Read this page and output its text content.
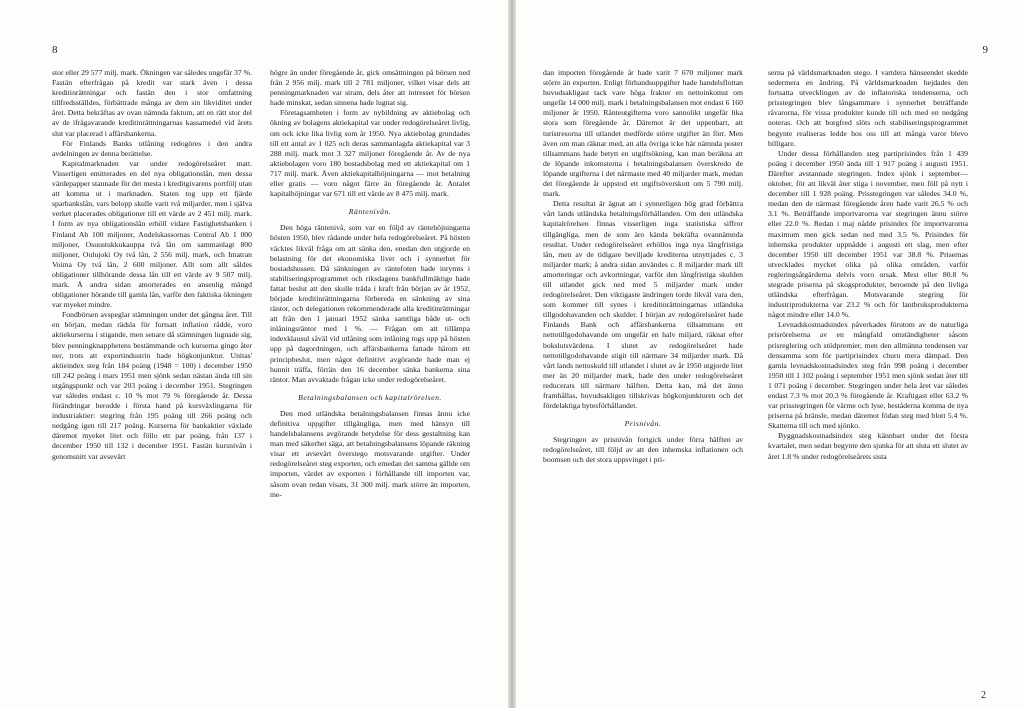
8

stor eller 29 577 milj. mark. Ökningen var således ungefär 37 %. Fastän efterfrågan på kredit var stark även i dessa kreditinrättningar och fastän den i stor omfattning tillfredsställdes, förbättrade många av dem sin likviditet under året. Detta bekräftas av ovan nämnda faktum, att en rätt stor del av de ifrågavarande kreditinrättningarnas kassamedel vid årets slut var placerad i affärsbankerna.

För Finlands Banks utlåning redogöres i den andra avdelningen av denna berättelse.

Kapitalmarknaden var under redogörelseåret matt. Visserligen emitterades en del nya obligationslån, men dessa värdepapper stannade för det mesta i kreditgivarens portfölj utan att komma ut i marknaden. Staten tog upp ett fjärde sparbankslån, vars belopp skulle varit två miljarder, men i själva verket placerades obligationer till ett värde av 2 451 milj. mark. I form av nya obligationslån erhöll vidare Fastighetsbanken i Finland Ab 100 miljoner, Andelskassornas Central Ab 1 000 miljoner, Osuustukkukauppa två lån om sammanlagt 800 miljoner, Oulujoki Oy två lån, 2 556 milj. mark, och Imatran Voima Oy två lån, 2 600 miljoner. Allt som allt såldes obligationer tillhörande dessa lån till ett värde av 9 507 milj. mark. Å andra sidan amorterades en ansenlig mängd obligationer hörande till gamla lån, varför den faktiska ökningen var myeket mindre.

Fondbörsen avspeglar stämningen under det gångna året. Till en början, medan rädsla för fortsatt inflation rådde, voro aktiekurserna i stigande, men senare då stämningen lugnade sig, blev penningknapphetens bestämmande och kurserna gingo åter ner, trots att exportindustrin hade högkonjunktur. Unitas' aktieindex steg från 184 poäng (1948 = 100) i december 1950 till 242 poäng i mars 1951 men sjönk sedan nästan ända till sin utgångspunkt och var 203 poäng i december 1951. Stegringen var således endast c. 10 % mot 79 % föregående år. Dessa förändringar berodde i första hand på kursväxlingarna för industriaktier: stegring från 195 poäng till 266 poäng och nedgång igen till 217 poäng. Kurserna för bankaktier växlade däremot myeket litet och föllo ett par poäng, från 137 i december 1950 till 132 i december 1951. Fastän kursnivån i genomsnitt var avsevärt

högre än under föregående år, gick omsättningen på börsen ned från 2 956 milj. mark till 2 781 miljoner, vilket visar dels att penningmarknaden var stram, dels åter att intresset för börsen hade minskat, sedan sinnena hade lugnat sig.

Företagsamheten i form av nybildning av aktiebolag och ökning av bolagens aktiekapital var under redogörelseåret livlig, om ock icke lika livlig som år 1950. Nya aktiebolag grundades till ett antal av 1 025 och deras sammanlagda aktiekapital var 3 288 milj. mark mot 3 327 miljoner föregående år. Av de nya aktiebolagen voro 180 bostadsbolag med ett aktiekapital om 1 717 milj. mark. Även aktiekapitalhöjningarna — mot betalning eller gratis — voro något färre än föregående år. Antalet kapitalhöjningar var 671 till ett värde av 8 475 milj. mark.

Räntenivån.

Den höga räntenivå, som var en följd av räntehöjningarna hösten 1950, blev rådande under hela redogörelseåret. På hösten väcktes likväl fråga om att sänka den, enedan den utgjorde en belastning för det ekonomiska livet och i synnerhet för bostadshussen. Då sänkningen av räntefoten hade inrymts i stabiliseringsprogrammet och riksdagens bankfullmäktige hade fattat beslut att den skulle träda i kraft från början av år 1952, började kreditinrättningarna förbereda en sänkning av sina räntor, och delegationen rekommenderade alla kreditinrättningar att från den 1 januari 1952 sänka samtliga både ut- och inlåningsräntor med 1 %. — Frågan om att tillämpa indexklausul såväl vid utlåning som inlåning togs upp på hösten upp på dagordningen, och affärsbankerna fattade härom ett principbeslut, men något definitivt avgörande hade man ej hunnit träffa, förrän den 16 december sänka bankerna sina räntor. Man avvaktade frågan icke under redogörelseåret.

Betalningsbalansen och kapitalrörelsen.

Den med utländska betalningsbalansen finnas ännu icke definitiva uppgifter tillgängliga, men med hänsyn till handelsbalansens avgörande betydelse för dess gestaltning kan man med säkerhet säga, att betalningsbalansens löpande räkning visar ett avsevärt överstego motsvarande utgifter. Under redogörelseåret steg exporten, och emedan det samma gällde om importen, värdet av exporten i förhållande till importen var, såsom ovan redan visats, 31 300 milj. mark större än importen, me-

9

dan importen föregående år hade varit 7 670 miljoner mark större än exporten. Enligt förhandsuppgifter hade handelsflottan huvudsakligast tack vare höga frakter en nettoinkomst om ungefär 14 000 milj. mark i betalningsbalansen mot endast 6 160 miljoner år 1950. Ränteutgifterna voro sannolikt ungefär lika stora som föregående år. Däremot är det uppenbart, att turistresorna till utlandet medförde större utgifter än förr. Men även om man räknar med, att alla övriga icke här nämnda poster tillsammans hade betytt en utgiftsökning, kan man beräkna att de löpande inkomsterna i betalningsbalansen överskredo de löpande utgifterna i det närmaste med 40 miljarder mark, medan det föregående år uppstod ett utgiftsöverskott om 5 790 milj. mark.

Detta resultat är ägnat att i synnerligen hög grad förbättra vårt lands utländska betalningsförhållanden. Om den utländska kapitalrörelsen finnas visserligen inga statistiska siffror tillgängliga, men de som äro kända bekräfta ovannämnda resultat. Under redogörelseåret erhöllos inga nya långfristiga lån, men av de tidigare beviljade krediterna utnyttjades c. 3 miljarder mark; å andra sidan användes c. 8 miljarder mark till amorteringar och avkortningar, varför den långfristiga skulden till utlandet gick ned med 5 miljarder mark under redogörelseåret. Den viktigaste ändringen torde likväl vara den, som kommer till synes i kreditinrättningarnas utländska tillgodohavanden och skulder. I början av redogörelseåret hade Finlands Bank och affärsbankerna tillsammans ett nettotillgodohavande om ungefär en halv miljard, räknat efter bokslutsvärdena. I slutet av redogörelseåret hade nettotillgodohavande stigit till närmare 34 miljarder mark. Då vårt lands nettoskuld till utlandet i slutet av år 1950 utgjorde litet mer än 20 miljarder mark, hade den under redogörelseåret reducerats till närmare hälften. Detta kan, må det ännu framhållas, huvudsakligen tillskrivas högkonjunkturen och det fördelaktiga bytesförhållandet.

Prisnivån.

Stegringen av prisnivån fortgick under förra hälften av redogörelseåret, till följd av att den inhemska inflationen och boomsen och det stora uppsvinget i pri-

serna på världsmarknaden stego. I vartdera hänseendet skedde sedermera en ändring. På världsmarknaden hejdades den fortsatta utvecklingen av de inflatoriska tendenserna, och prisstegringen blev långsammare i synnerhet beträffande råvarorna, för vissa produkter kunde till och med en nedgång noteras. Och att borgfred slöts och stabiliseringsprogrammet begynte realiseras ledde hos oss till att många varor blevo billigare.

Under dessa förhållanden steg partiprisindex från 1 439 poäng i december 1950 ända till 1 917 poäng i augusti 1951. Därefter avstannade stegringen. Index sjönk i september—oktober, för att likväl åter stiga i november, men föll på nytt i december till 1 928 poäng. Prisstegringen var således 34.0 %, medan den de närmast föregående åren hade varit 26.5 % och 3.1 %. Beträffande importvarorna var stegringen ännu större eller 22.0 %. Redan i maj nådde prisindex för importvarorna maximum men gick sedan ned med 3.5 %. Prisindex för inhemska produkter uppnådde i augusti ett slag, men efter december 1950 till december 1951 var 38.8 %. Prisernas utvecklades mycket olika på olika områden, varför regleringsåtgärderna delvis voro orsak. Mest eller 80.8 % stegrade priserna på skogsprodukter, beroende på den livliga utländska efterfrågan. Motsvarande stegring för industriprodukterna var 23.2 % och för lantbruksprodukterna något mindre eller 14.0 %.

Levnadskostnadsindex påverkades förutom av de naturliga prisrörelserna av en mångfald omständigheter såsom prisreglering och stödpremier, men den allmänna tendensen var densamma som för partiprisindex churu mera dämpad. Den gamla levnadskostnadsindex steg från 998 poäng i december 1950 till 1 102 poäng i september 1951 men sjönk sedan åter till 1 071 poäng i december. Stegringen under hela året var således endast 7.3 % mot 20.3 % föregående år. Kraftigast eller 63.2 % var prisstegringen för värme och lyse, beståderna komma de nya priserna på bränsle, medan däremot födan steg med blott 5.4 %. Skatterna till och med sjönko.

Byggnadskostnadsindex steg kännbart under det första kvartalet, men sedan begynte den sjunka för att sluta ett slutet av året 1.8 % under redogörelseårets sista

2
